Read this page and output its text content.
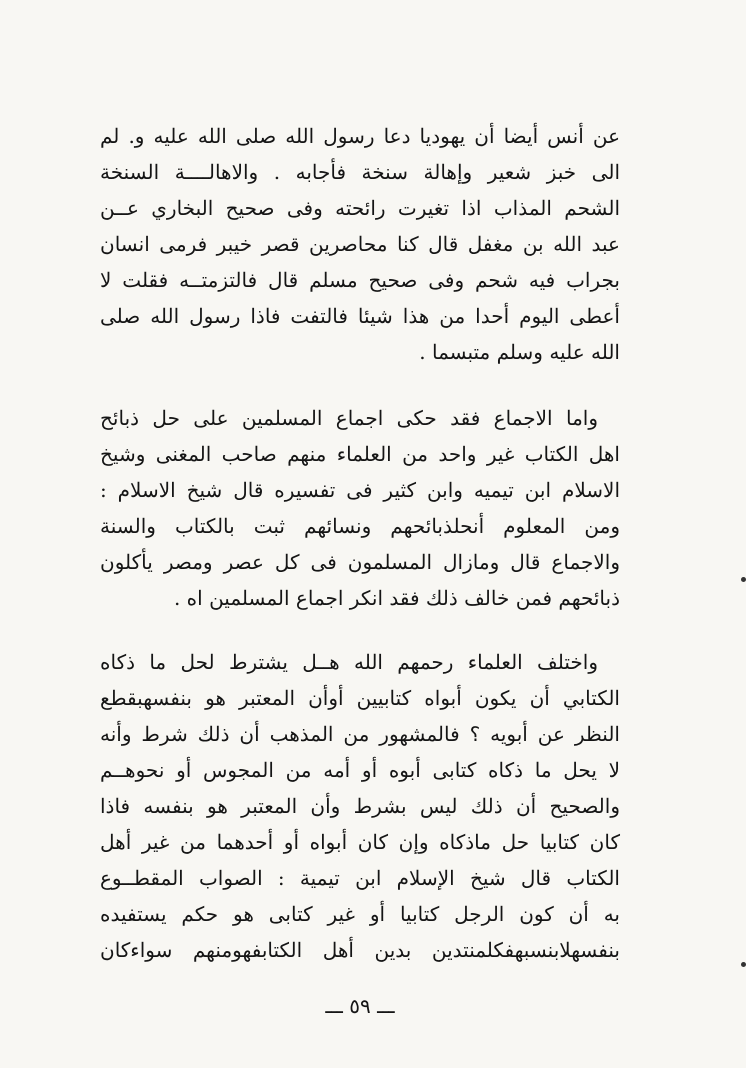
عن أنس أيضا أن يهوديا دعا رسول الله صلى الله عليه و. لم
الى خبز شعير وإهالة سنخة فأجابه . والاهالــــة السنخة
الشحم المذاب اذا تغيرت رائحته وفى صحيح البخاري عــن
عبد الله بن مغفل قال كنا محاصرين قصر خيبر فرمى انسان
بجراب فيه شحم وفى صحيح مسلم قال فالتزمتــه فقلت لا
أعطى اليوم أحدا من هذا شيئا فالتفت فاذا رسول الله صلى
الله عليه وسلم متبسما .
واما الاجماع فقد حكى اجماع المسلمين على حل ذبائح
اهل الكتاب غير واحد من العلماء منهم صاحب المغنى وشيخ
الاسلام ابن تيميه وابن كثير فى تفسيره قال شيخ الاسلام :
ومن المعلوم أنحلذبائحهم ونسائهم ثبت بالكتاب والسنة
والاجماع قال ومازال المسلمون فى كل عصر ومصر يأكلون
ذبائحهم فمن خالف ذلك فقد انكر اجماع المسلمين اه .
واختلف العلماء رحمهم الله هــل يشترط لحل ما ذكاه
الكتابي أن يكون أبواه كتابيين أوأن المعتبر هو بنفسهبقطع
النظر عن أبويه ؟ فالمشهور من المذهب أن ذلك شرط وأنه
لا يحل ما ذكاه كتابى أبوه أو أمه من المجوس أو نحوهــم
والصحيح أن ذلك ليس بشرط وأن المعتبر هو بنفسه فاذا
كان كتابيا حل ماذكاه وإن كان أبواه أو أحدهما من غير أهل
الكتاب قال شيخ الإسلام ابن تيمية : الصواب المقطــوع
به أن كون الرجل كتابيا أو غير كتابى هو حكم يستفيده
بنفسهلابنسبهفكلمنتدين بدين أهل الكتابفهومنهم سواءكان
ـــ ٥٩ ـــ
